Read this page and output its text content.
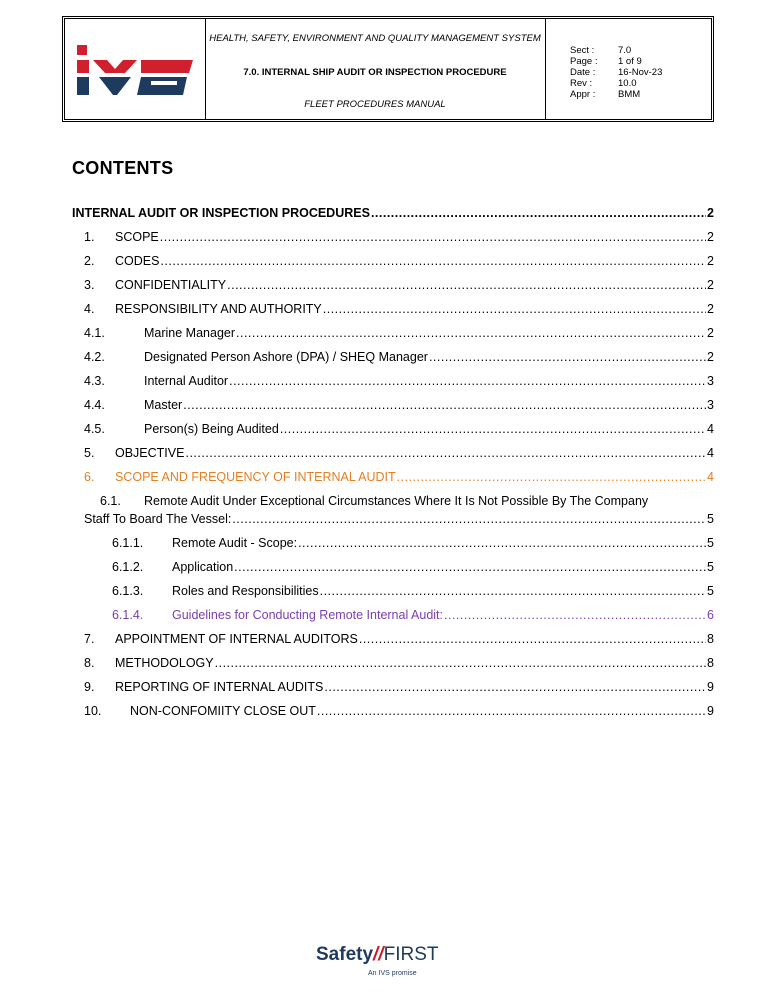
HEALTH, SAFETY, ENVIRONMENT AND QUALITY MANAGEMENT SYSTEM
7.0. INTERNAL SHIP AUDIT OR INSPECTION PROCEDURE
FLEET PROCEDURES MANUAL
Sect :	7.0
Page :	1 of 9
Date :	16-Nov-23
Rev :	10.0
Appr :	BMM
CONTENTS
INTERNAL AUDIT OR INSPECTION PROCEDURES .....	2
1.	SCOPE .....	2
2.	CODES .....	2
3.	CONFIDENTIALITY .....	2
4.	RESPONSIBILITY AND AUTHORITY .....	2
4.1.	Marine Manager .....	2
4.2.	Designated Person Ashore (DPA) / SHEQ Manager .....	2
4.3.	Internal Auditor .....	3
4.4.	Master .....	3
4.5.	Person(s) Being Audited .....	4
5.	OBJECTIVE .....	4
6.	SCOPE AND FREQUENCY OF INTERNAL AUDIT .....	4
6.1.	Remote Audit Under Exceptional Circumstances Where It Is Not Possible By The Company
Staff To Board The Vessel: .....	5
6.1.1.	Remote Audit - Scope: .....	5
6.1.2.	Application .....	5
6.1.3.	Roles and Responsibilities .....	5
6.1.4.	Guidelines for Conducting Remote Internal Audit: .....	6
7.	APPOINTMENT OF INTERNAL AUDITORS .....	8
8.	METHODOLOGY .....	8
9.	REPORTING OF INTERNAL AUDITS .....	9
10.	NON-CONFOMIITY CLOSE OUT .....	9
Safety//FIRST
An IVS promise
